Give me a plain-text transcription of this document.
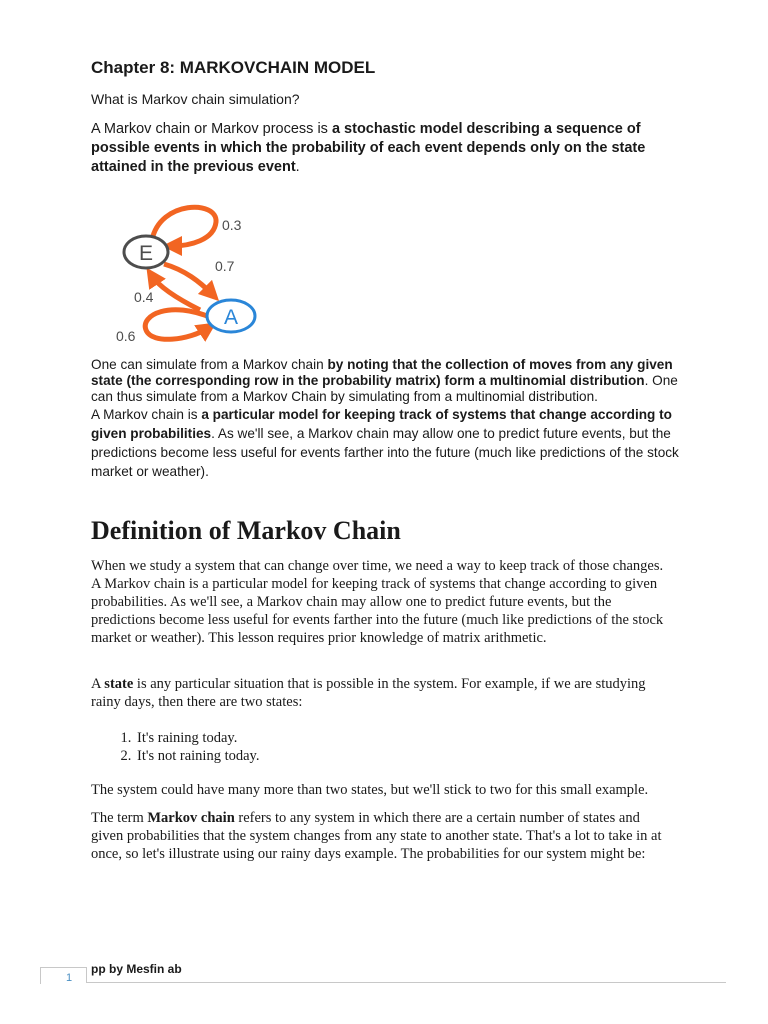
Chapter 8: MARKOVCHAIN MODEL

What is Markov chain simulation?

A Markov chain or Markov process is a stochastic model describing a sequence of possible events in which the probability of each event depends only on the state attained in the previous event.

E
A
0.3
0.7
0.4
0.6

One can simulate from a Markov chain by noting that the collection of moves from any given state (the corresponding row in the probability matrix) form a multinomial distribution. One can thus simulate from a Markov Chain by simulating from a multinomial distribution.
A Markov chain is a particular model for keeping track of systems that change according to given probabilities. As we'll see, a Markov chain may allow one to predict future events, but the predictions become less useful for events farther into the future (much like predictions of the stock market or weather).

Definition of Markov Chain

When we study a system that can change over time, we need a way to keep track of those changes. A Markov chain is a particular model for keeping track of systems that change according to given probabilities. As we'll see, a Markov chain may allow one to predict future events, but the predictions become less useful for events farther into the future (much like predictions of the stock market or weather). This lesson requires prior knowledge of matrix arithmetic.

A state is any particular situation that is possible in the system. For example, if we are studying rainy days, then there are two states:

1. It's raining today.
2. It's not raining today.

The system could have many more than two states, but we'll stick to two for this small example.

The term Markov chain refers to any system in which there are a certain number of states and given probabilities that the system changes from any state to another state. That's a lot to take in at once, so let's illustrate using our rainy days example. The probabilities for our system might be:

1
pp by Mesfin ab
